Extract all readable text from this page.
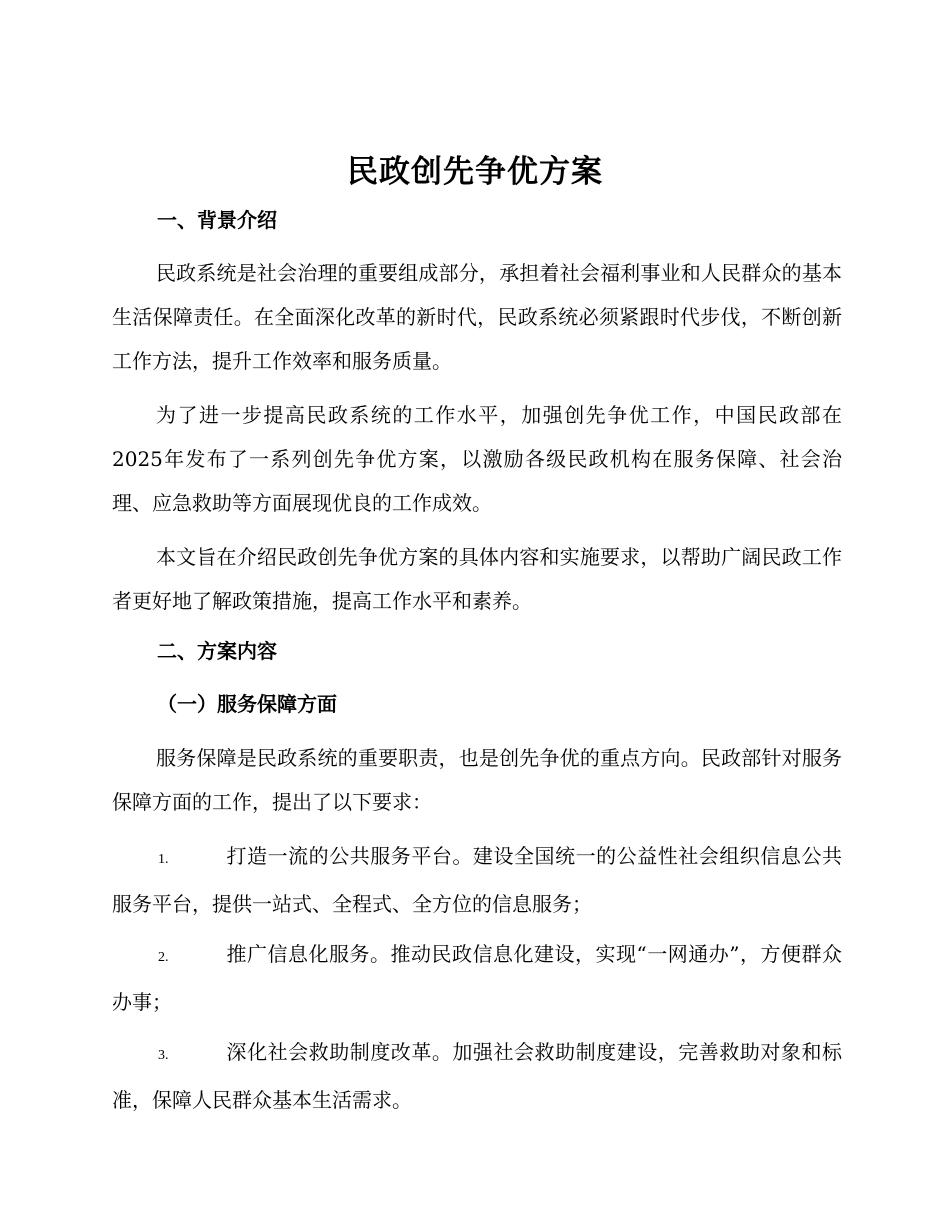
民政创先争优方案
一、背景介绍

民政系统是社会治理的重要组成部分，承担着社会福利事业和人民群众的基本生活保障责任。在全面深化改革的新时代，民政系统必须紧跟时代步伐，不断创新工作方法，提升工作效率和服务质量。

为了进一步提高民政系统的工作水平，加强创先争优工作，中国民政部在2025年发布了一系列创先争优方案，以激励各级民政机构在服务保障、社会治理、应急救助等方面展现优良的工作成效。

本文旨在介绍民政创先争优方案的具体内容和实施要求，以帮助广阔民政工作者更好地了解政策措施，提高工作水平和素养。

二、方案内容
（一）服务保障方面

服务保障是民政系统的重要职责，也是创先争优的重点方向。民政部针对服务保障方面的工作，提出了以下要求：

1.	打造一流的公共服务平台。建设全国统一的公益性社会组织信息公共服务平台，提供一站式、全程式、全方位的信息服务；

2.	推广信息化服务。推动民政信息化建设，实现“一网通办”，方便群众办事；

3.	深化社会救助制度改革。加强社会救助制度建设，完善救助对象和标准，保障人民群众基本生活需求。
